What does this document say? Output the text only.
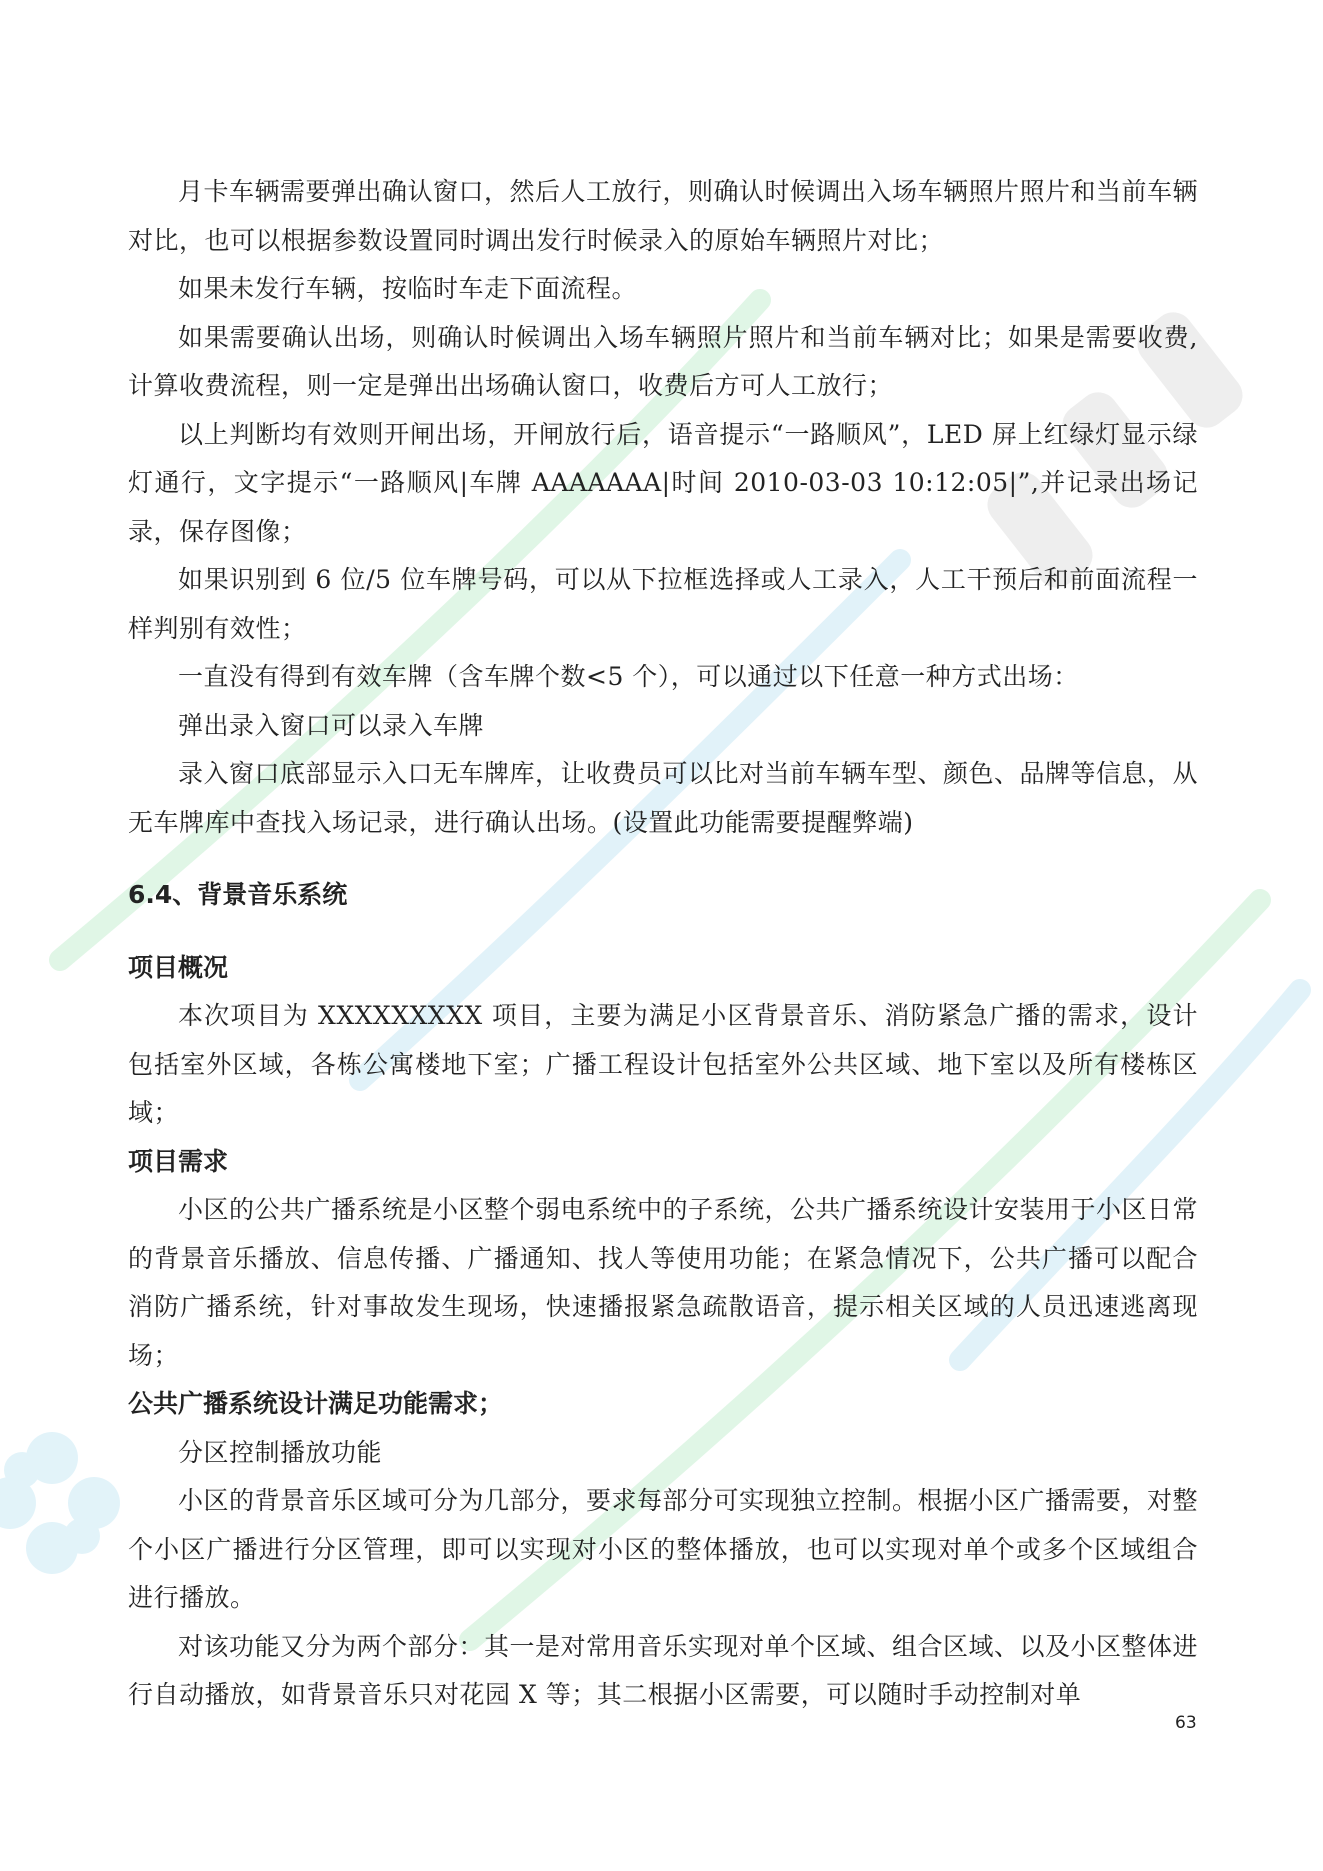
月卡车辆需要弹出确认窗口，然后人工放行，则确认时候调出入场车辆照片照片和当前车辆对比，也可以根据参数设置同时调出发行时候录入的原始车辆照片对比；

如果未发行车辆，按临时车走下面流程。

如果需要确认出场，则确认时候调出入场车辆照片照片和当前车辆对比；如果是需要收费,计算收费流程，则一定是弹出出场确认窗口，收费后方可人工放行；

以上判断均有效则开闸出场，开闸放行后，语音提示“一路顺风”，LED 屏上红绿灯显示绿灯通行，文字提示“一路顺风|车牌 AAAAAAA|时间 2010-03-03 10:12:05|”,并记录出场记录，保存图像；

如果识别到 6 位/5 位车牌号码，可以从下拉框选择或人工录入，人工干预后和前面流程一样判别有效性；

一直没有得到有效车牌（含车牌个数<5 个），可以通过以下任意一种方式出场：

弹出录入窗口可以录入车牌

录入窗口底部显示入口无车牌库，让收费员可以比对当前车辆车型、颜色、品牌等信息，从无车牌库中查找入场记录，进行确认出场。(设置此功能需要提醒弊端)

6.4、背景音乐系统

项目概况

本次项目为 XXXXXXXXX 项目，主要为满足小区背景音乐、消防紧急广播的需求，设计包括室外区域，各栋公寓楼地下室；广播工程设计包括室外公共区域、地下室以及所有楼栋区域；

项目需求

小区的公共广播系统是小区整个弱电系统中的子系统，公共广播系统设计安装用于小区日常的背景音乐播放、信息传播、广播通知、找人等使用功能；在紧急情况下，公共广播可以配合消防广播系统，针对事故发生现场，快速播报紧急疏散语音，提示相关区域的人员迅速逃离现场；

公共广播系统设计满足功能需求；

分区控制播放功能

小区的背景音乐区域可分为几部分，要求每部分可实现独立控制。根据小区广播需要，对整个小区广播进行分区管理，即可以实现对小区的整体播放，也可以实现对单个或多个区域组合进行播放。

对该功能又分为两个部分：其一是对常用音乐实现对单个区域、组合区域、以及小区整体进行自动播放，如背景音乐只对花园 X 等；其二根据小区需要，可以随时手动控制对单

63
